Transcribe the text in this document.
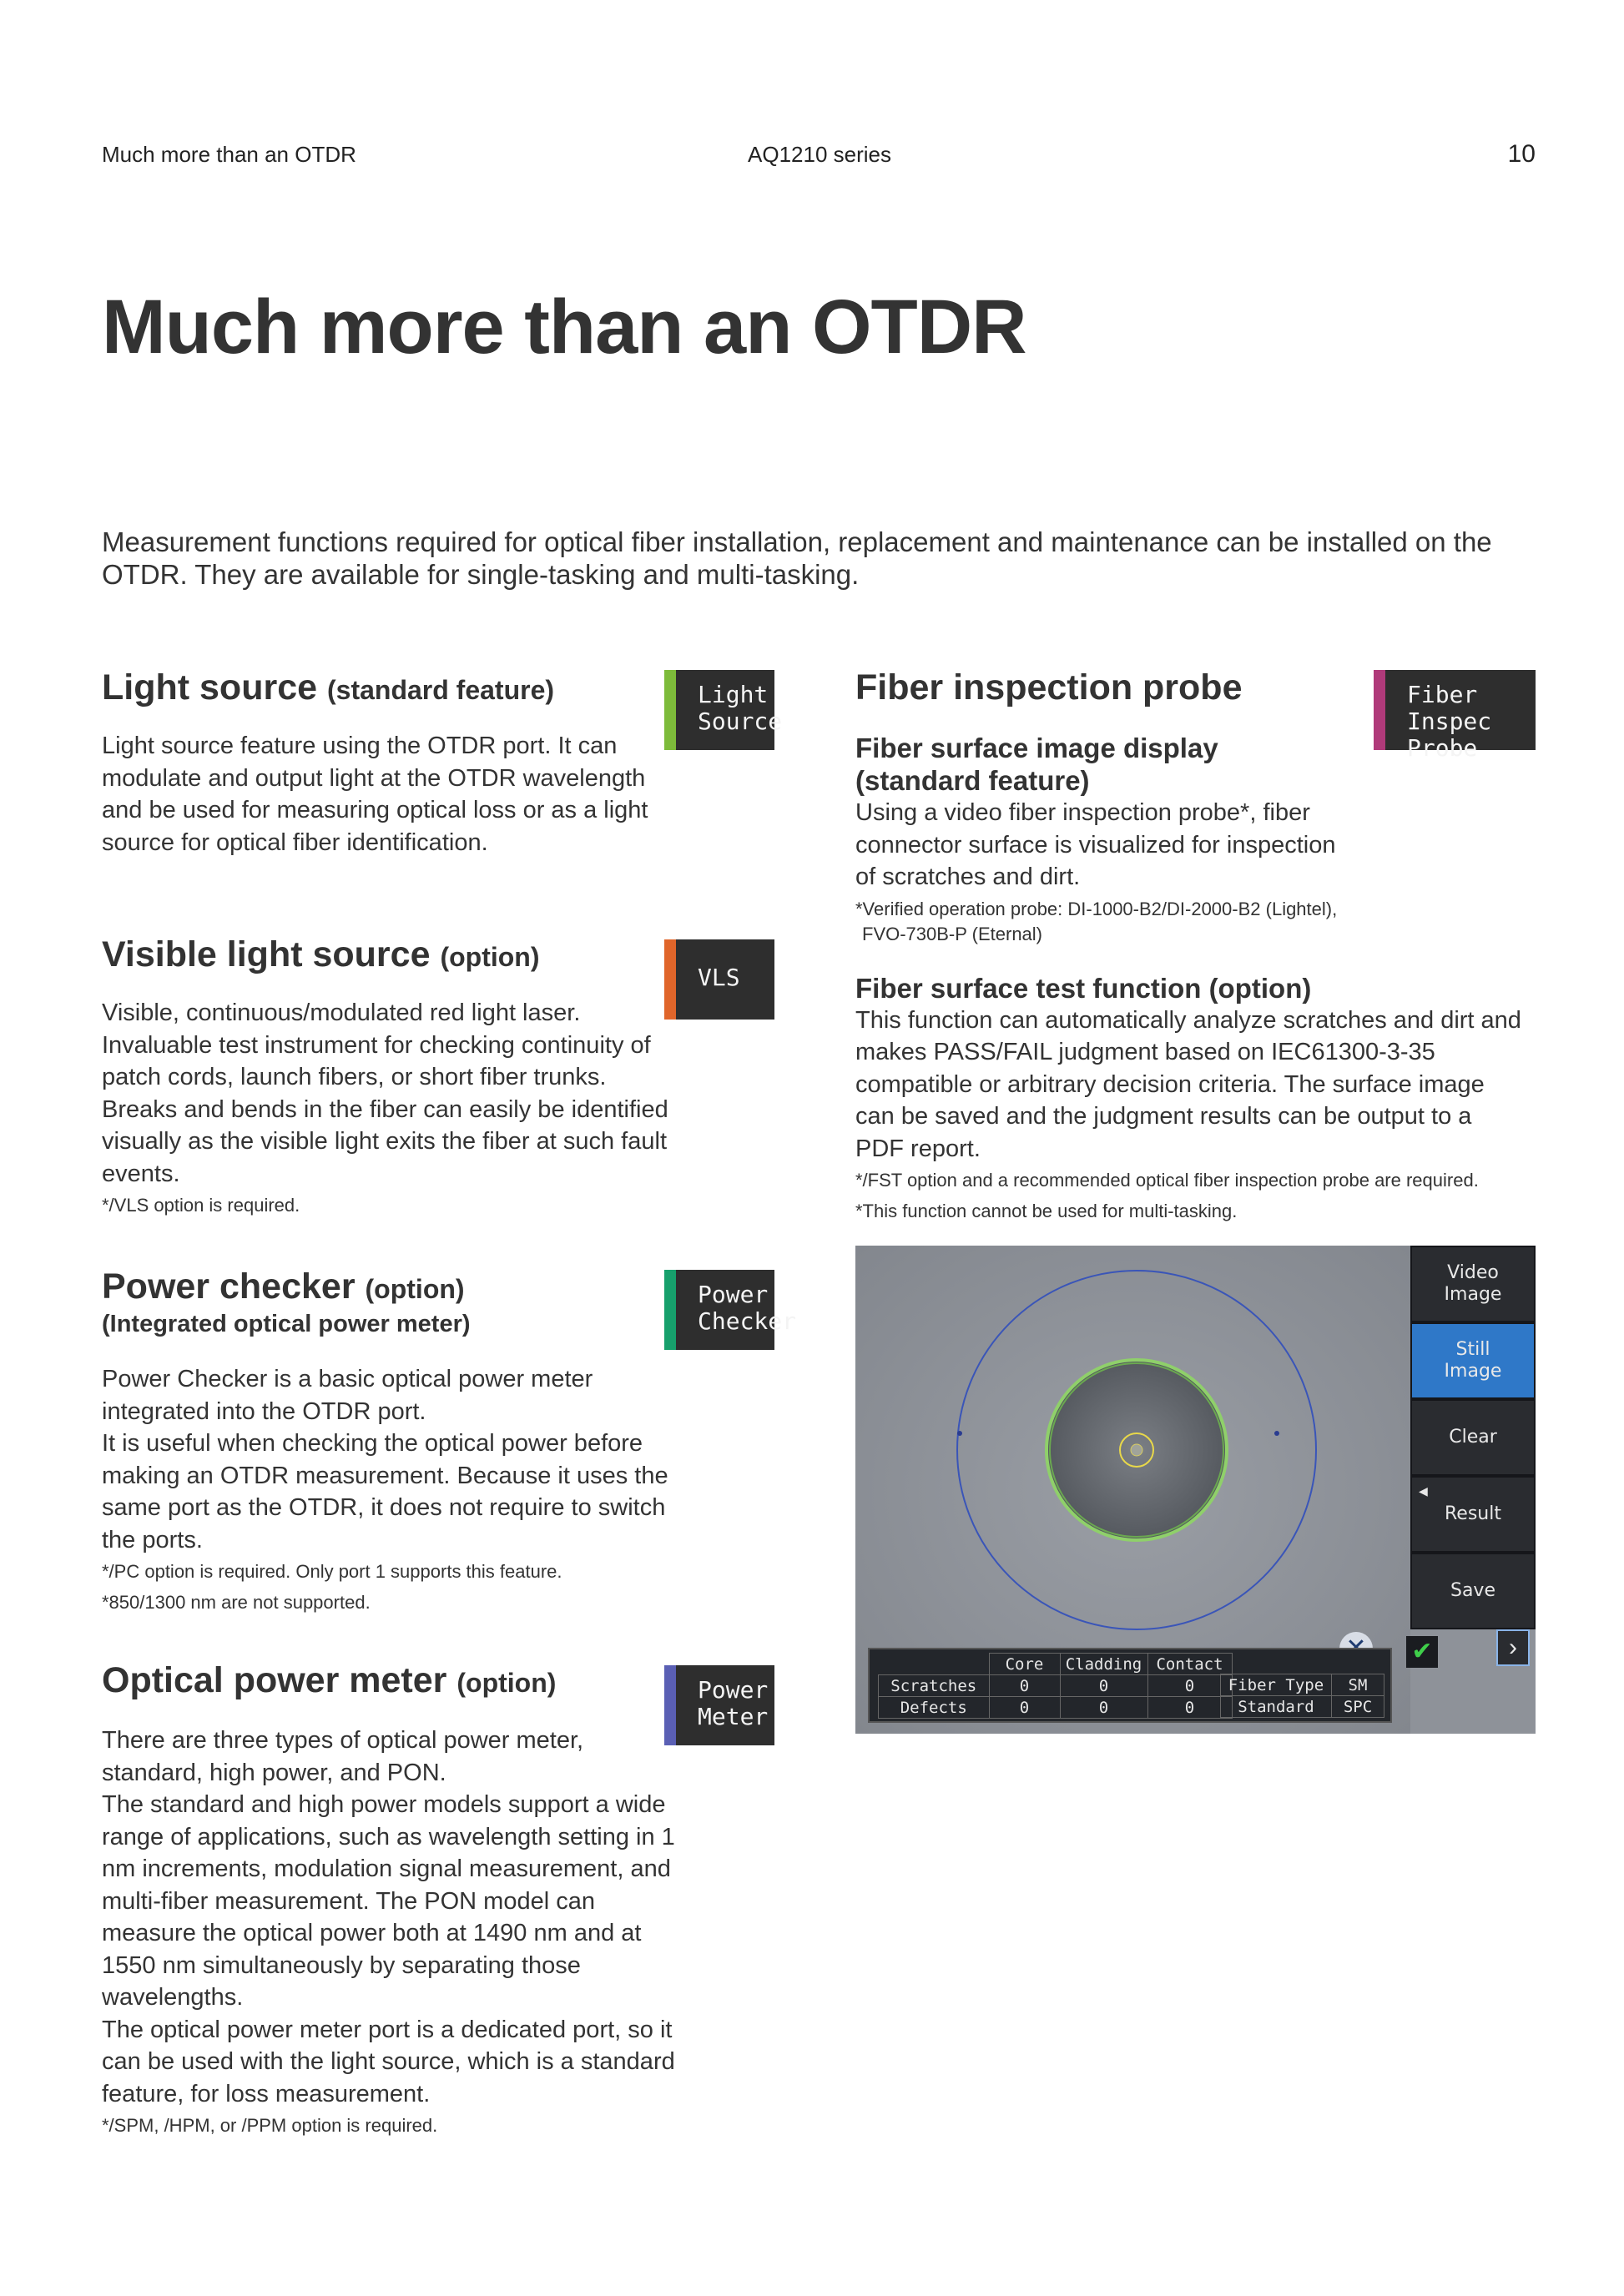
Much more than an OTDR	AQ1210 series	10
Much more than an OTDR
Measurement functions required for optical fiber installation, replacement and maintenance can be installed on the OTDR. They are available for single-tasking and multi-tasking.
Light source (standard feature)
Light source feature using the OTDR port. It can modulate and output light at the OTDR wavelength and be used for measuring optical loss or as a light source for optical fiber identification.
Light
Source
Visible light source (option)
Visible, continuous/modulated red light laser. Invaluable test instrument for checking continuity of patch cords, launch fibers, or short fiber trunks. Breaks and bends in the fiber can easily be identified visually as the visible light exits the fiber at such fault events.
*/VLS option is required.
VLS
Power checker (option)
(Integrated optical power meter)
Power Checker is a basic optical power meter integrated into the OTDR port.
It is useful when checking the optical power before making an OTDR measurement. Because it uses the same port as the OTDR, it does not require to switch the ports.
*/PC option is required. Only port 1 supports this feature.
*850/1300 nm are not supported.
Power
Checker
Optical power meter (option)
There are three types of optical power meter, standard, high power, and PON.
The standard and high power models support a wide range of applications, such as wavelength setting in 1 nm increments, modulation signal measurement, and multi-fiber measurement. The PON model can measure the optical power both at 1490 nm and at 1550 nm simultaneously by separating those wavelengths.
The optical power meter port is a dedicated port, so it can be used with the light source, which is a standard feature, for loss measurement.
*/SPM, /HPM, or /PPM option is required.
Power
Meter
Fiber inspection probe
Fiber surface image display (standard feature)
Using a video fiber inspection probe*, fiber connector surface is visualized for inspection of scratches and dirt.
*Verified operation probe: DI-1000-B2/DI-2000-B2 (Lightel),
FVO-730B-P (Eternal)
Fiber surface test function (option)
This function can automatically analyze scratches and dirt and makes PASS/FAIL judgment based on IEC61300-3-35 compatible or arbitrary decision criteria. The surface image can be saved and the judgment results can be output to a PDF report.
*/FST option and a recommended optical fiber inspection probe are required.
*This function cannot be used for multi-tasking.
Fiber Inspec
Probe
Video
Image
Still
Image
Clear
◀
Result
Save
✔	›
	Core	Cladding	Contact
Scratches	0	0	0
Defects	0	0	0
Fiber Type	SM
Standard	SPC
